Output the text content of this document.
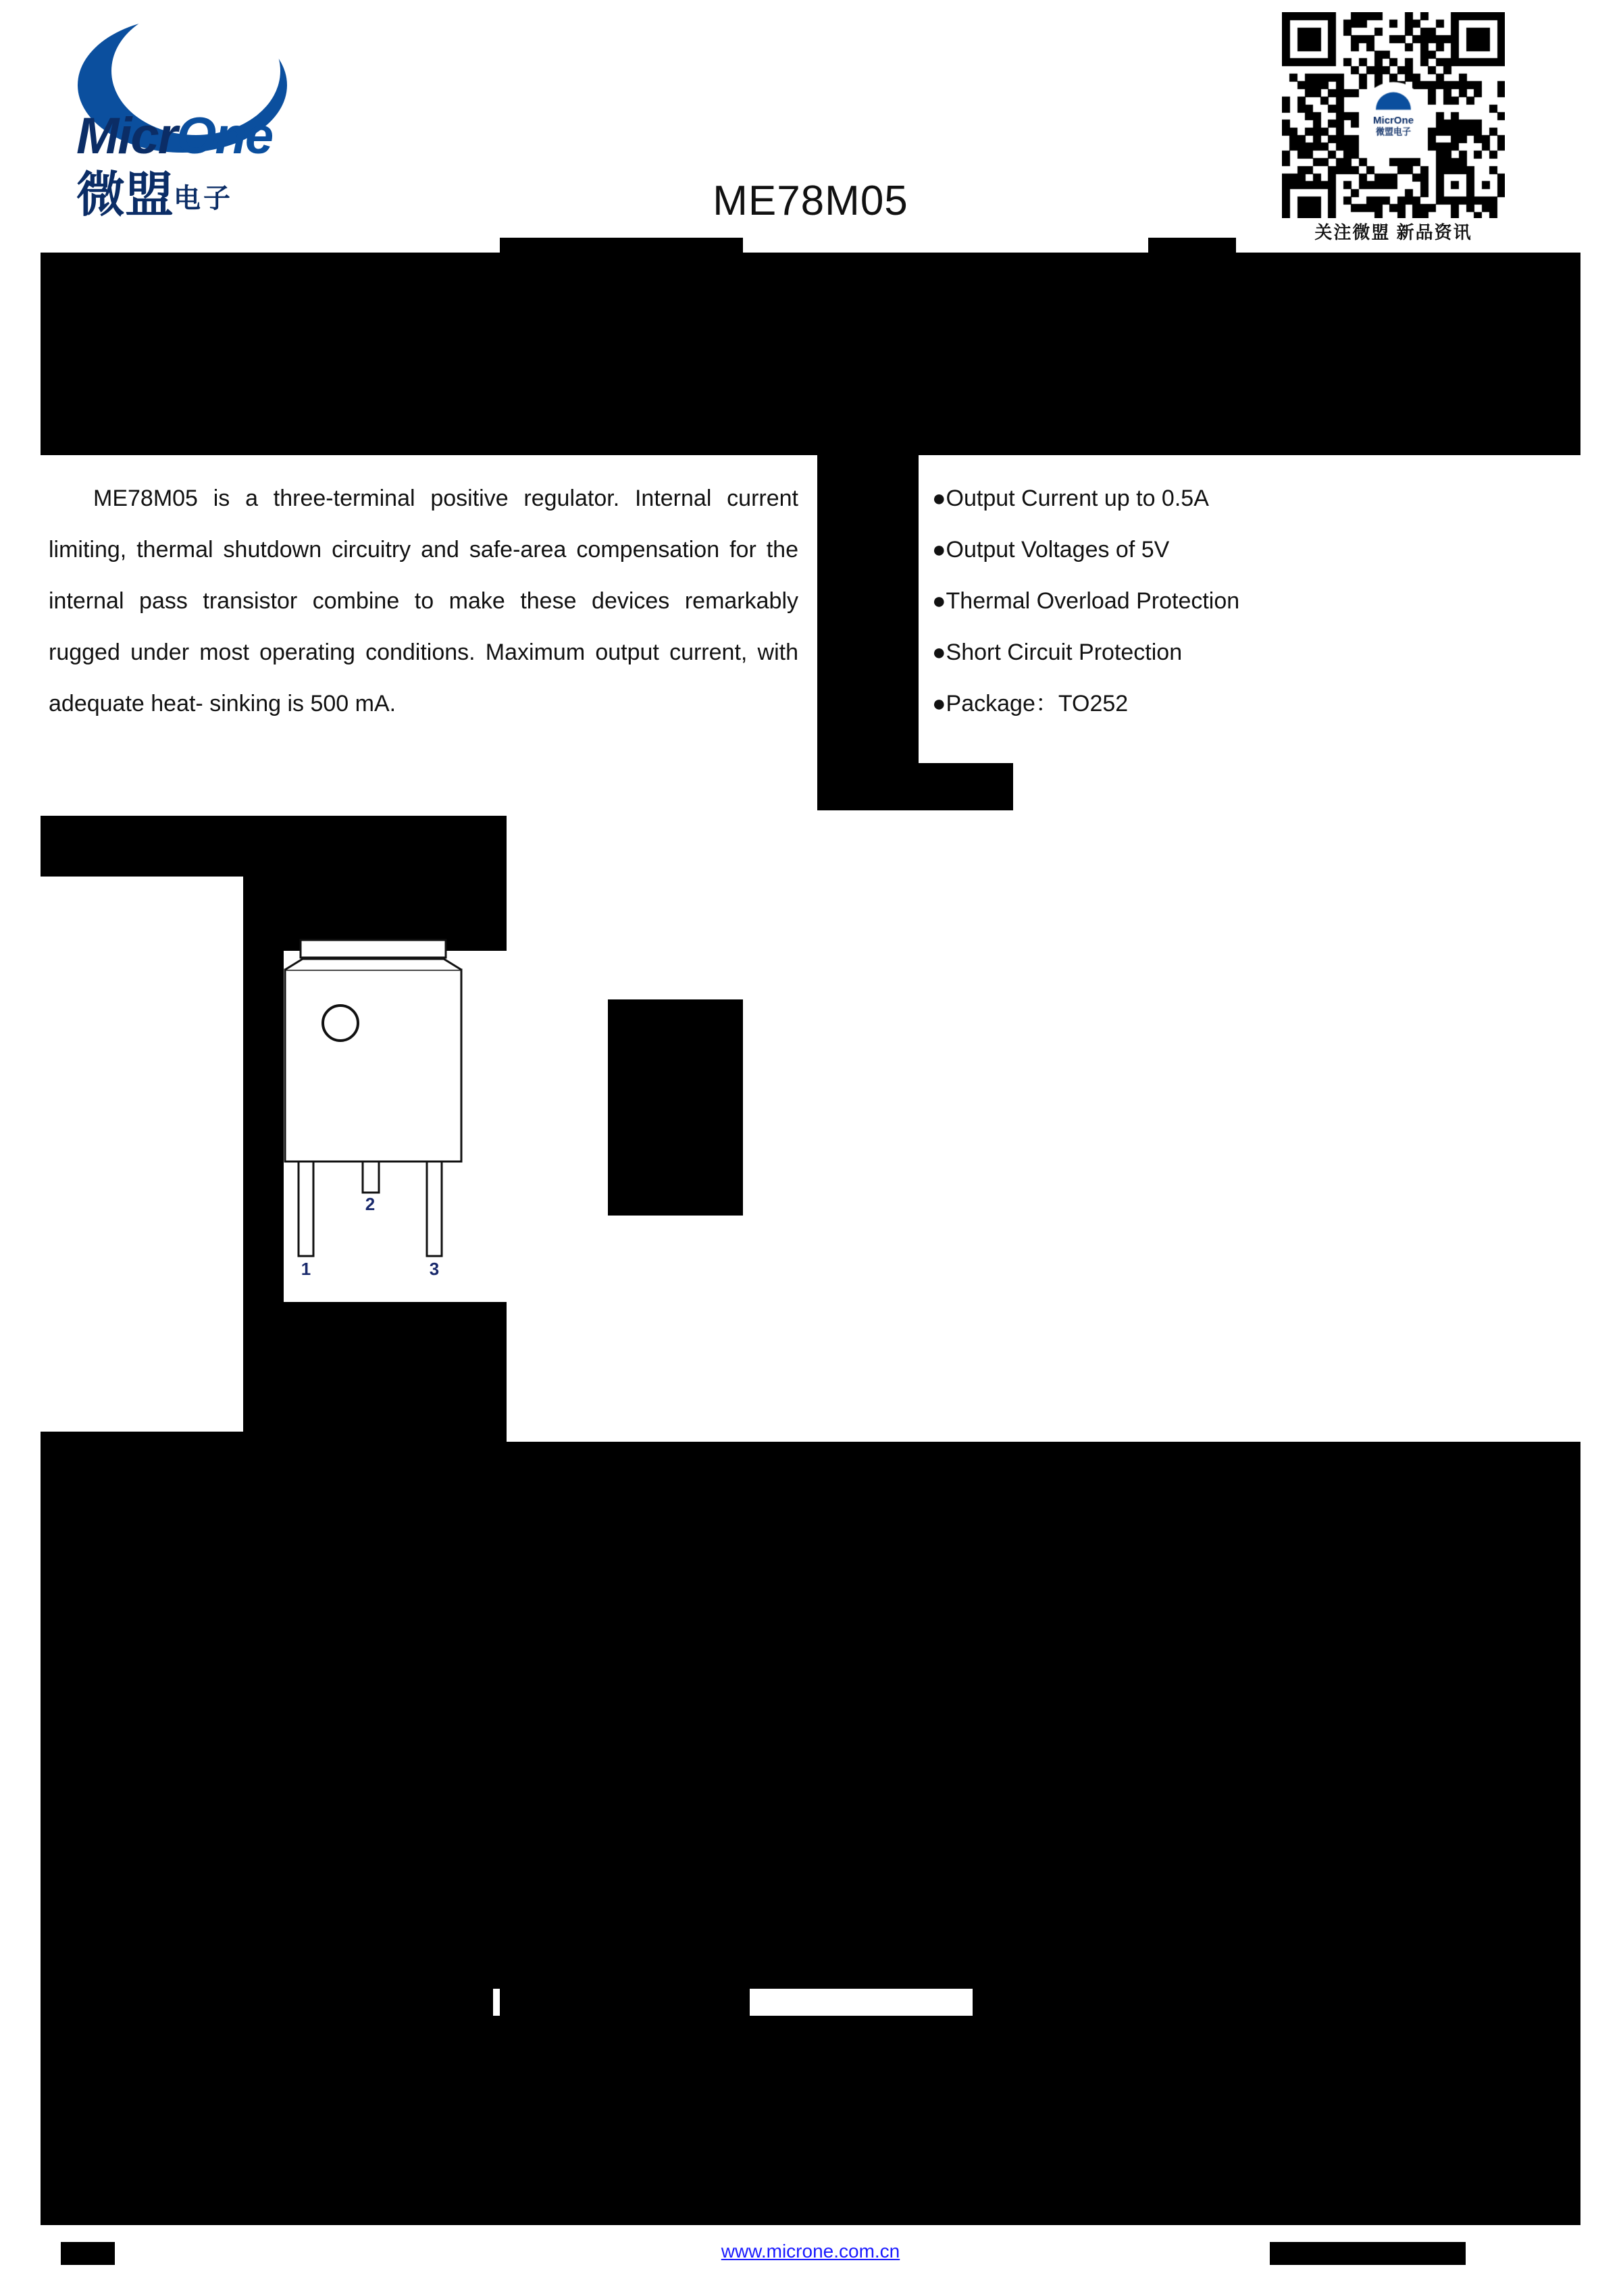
MicrOne
微盟电子	ME78M05
关注微盟 新品资讯
ME78M05 is a three-terminal positive regulator. Internal current limiting, thermal shutdown circuitry and safe-area compensation for the internal pass transistor combine to make these devices remarkably rugged under most operating conditions. Maximum output current, with adequate heat- sinking is 500 mA.
●Output Current up to 0.5A
●Output Voltages of 5V
●Thermal Overload Protection
●Short Circuit Protection
●Package：TO252
2
1	3
www.microne.com.cn
